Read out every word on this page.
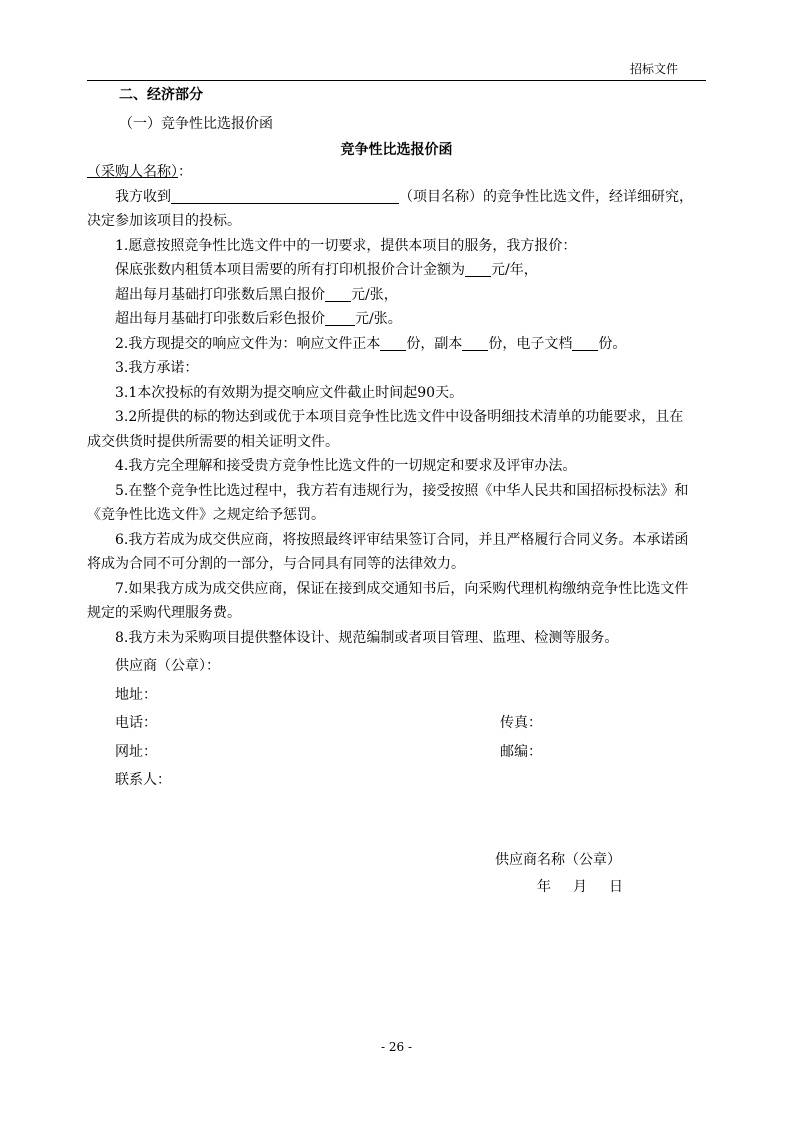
招标文件
二、经济部分
（一）竞争性比选报价函
竞争性比选报价函

（采购人名称）：

我方收到	（项目名称）的竞争性比选文件，经详细研究，决定参加该项目的投标。

1.愿意按照竞争性比选文件中的一切要求，提供本项目的服务，我方报价：

保底张数内租赁本项目需要的所有打印机报价合计金额为 元/年，

超出每月基础打印张数后黑白报价 元/张，

超出每月基础打印张数后彩色报价 元/张。

2.我方现提交的响应文件为：响应文件正本 份，副本 份，电子文档 份。

3.我方承诺：

3.1本次投标的有效期为提交响应文件截止时间起90天。

3.2所提供的标的物达到或优于本项目竞争性比选文件中设备明细技术清单的功能要求，且在成交供货时提供所需要的相关证明文件。

4.我方完全理解和接受贵方竞争性比选文件的一切规定和要求及评审办法。

5.在整个竞争性比选过程中，我方若有违规行为，接受按照《中华人民共和国招标投标法》和《竞争性比选文件》之规定给予惩罚。

6.我方若成为成交供应商，将按照最终评审结果签订合同，并且严格履行合同义务。本承诺函将成为合同不可分割的一部分，与合同具有同等的法律效力。

7.如果我方成为成交供应商，保证在接到成交通知书后，向采购代理机构缴纳竞争性比选文件规定的采购代理服务费。

8.我方未为采购项目提供整体设计、规范编制或者项目管理、监理、检测等服务。

供应商（公章）：

地址：

电话：	传真：
网址：	邮编：

联系人：

供应商名称（公章）
年 月 日
- 26 -
